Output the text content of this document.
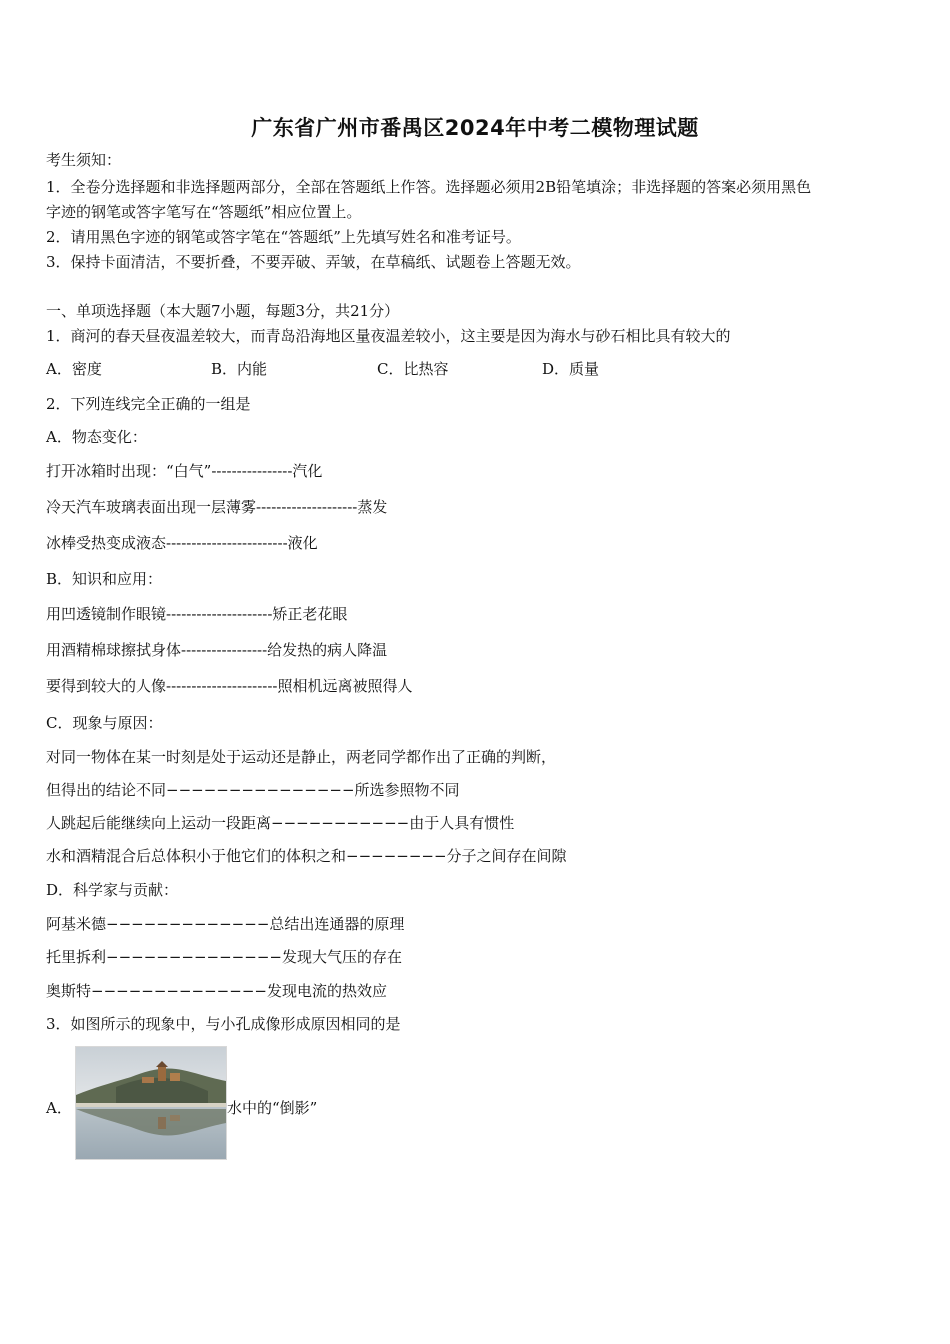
广东省广州市番禺区2024年中考二模物理试题
考生须知：
1．全卷分选择题和非选择题两部分，全部在答题纸上作答。选择题必须用2B铅笔填涂；非选择题的答案必须用黑色
字迹的钢笔或答字笔写在“答题纸”相应位置上。
2．请用黑色字迹的钢笔或答字笔在“答题纸”上先填写姓名和准考证号。
3．保持卡面清洁，不要折叠，不要弄破、弄皱，在草稿纸、试题卷上答题无效。
一、单项选择题（本大题7小题，每题3分，共21分）
1．商河的春天昼夜温差较大，而青岛沿海地区量夜温差较小，这主要是因为海水与砂石相比具有较大的
A．密度	B．内能	C．比热容	D．质量
2．下列连线完全正确的一组是
A．物态变化：
打开冰箱时出现：“白气”----------------汽化
冷天汽车玻璃表面出现一层薄雾--------------------蒸发
冰棒受热变成液态------------------------液化
B．知识和应用：
用凹透镜制作眼镜---------------------矫正老花眼
用酒精棉球擦拭身体-----------------给发热的病人降温
要得到较大的人像----------------------照相机远离被照得人
C．现象与原因：
对同一物体在某一时刻是处于运动还是静止，两老同学都作出了正确的判断，
但得出的结论不同−−−−−−−−−−−−−−−所选参照物不同
人跳起后能继续向上运动一段距离−−−−−−−−−−−由于人具有惯性
水和酒精混合后总体积小于他它们的体积之和−−−−−−−−分子之间存在间隙
D．科学家与贡献：
阿基米德−−−−−−−−−−−−−总结出连通器的原理
托里拆利−−−−−−−−−−−−−−发现大气压的存在
奥斯特−−−−−−−−−−−−−−发现电流的热效应
3．如图所示的现象中，与小孔成像形成原因相同的是
A．	水中的“倒影”
